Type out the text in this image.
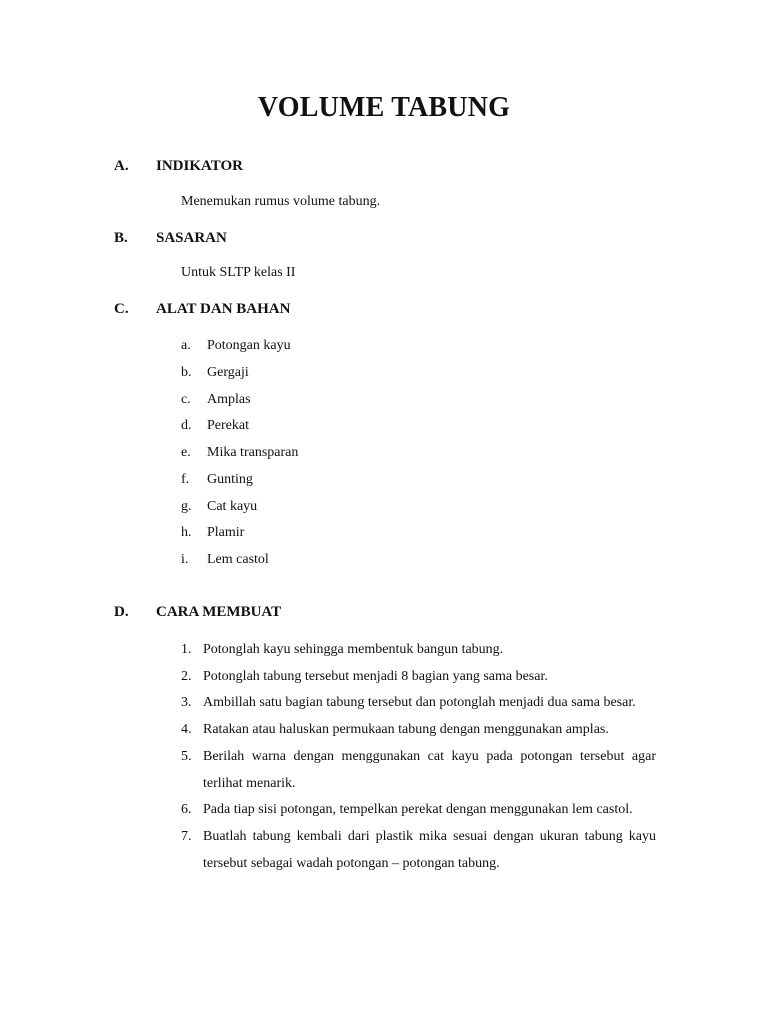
VOLUME TABUNG
A. INDIKATOR
Menemukan rumus volume tabung.
B. SASARAN
Untuk SLTP kelas II
C. ALAT DAN BAHAN
a. Potongan kayu
b. Gergaji
c. Amplas
d. Perekat
e. Mika transparan
f. Gunting
g. Cat kayu
h. Plamir
i. Lem castol
D. CARA MEMBUAT
1. Potonglah kayu sehingga membentuk bangun tabung.
2. Potonglah tabung tersebut menjadi 8 bagian yang sama besar.
3. Ambillah satu bagian tabung tersebut dan potonglah menjadi dua sama besar.
4. Ratakan atau haluskan permukaan tabung dengan menggunakan amplas.
5. Berilah warna dengan menggunakan cat kayu pada potongan tersebut agar terlihat menarik.
6. Pada tiap sisi potongan, tempelkan perekat dengan menggunakan lem castol.
7. Buatlah tabung kembali dari plastik mika sesuai dengan ukuran tabung kayu tersebut sebagai wadah potongan – potongan tabung.
